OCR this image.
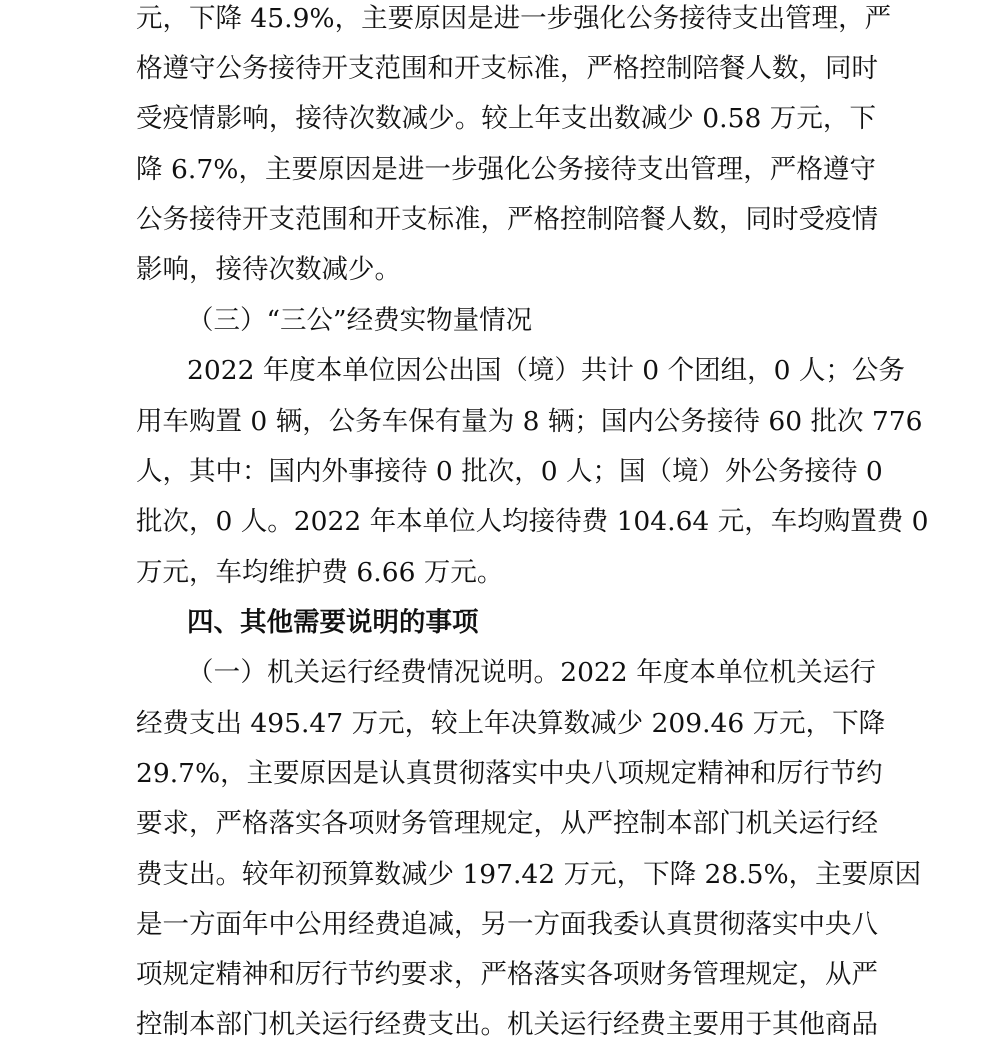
元，下降 45.9%，主要原因是进一步强化公务接待支出管理，严
格遵守公务接待开支范围和开支标准，严格控制陪餐人数，同时
受疫情影响，接待次数减少。较上年支出数减少 0.58 万元，下
降 6.7%，主要原因是进一步强化公务接待支出管理，严格遵守
公务接待开支范围和开支标准，严格控制陪餐人数，同时受疫情
影响，接待次数减少。
（三）“三公”经费实物量情况
2022 年度本单位因公出国（境）共计 0 个团组，0 人；公务
用车购置 0 辆，公务车保有量为 8 辆；国内公务接待 60 批次 776
人，其中：国内外事接待 0 批次，0 人；国（境）外公务接待 0
批次，0 人。2022 年本单位人均接待费 104.64 元，车均购置费 0
万元，车均维护费 6.66 万元。
四、其他需要说明的事项
（一）机关运行经费情况说明。2022 年度本单位机关运行
经费支出 495.47 万元，较上年决算数减少 209.46 万元，下降
29.7%，主要原因是认真贯彻落实中央八项规定精神和厉行节约
要求，严格落实各项财务管理规定，从严控制本部门机关运行经
费支出。较年初预算数减少 197.42 万元，下降 28.5%，主要原因
是一方面年中公用经费追减，另一方面我委认真贯彻落实中央八
项规定精神和厉行节约要求，严格落实各项财务管理规定，从严
控制本部门机关运行经费支出。机关运行经费主要用于其他商品
